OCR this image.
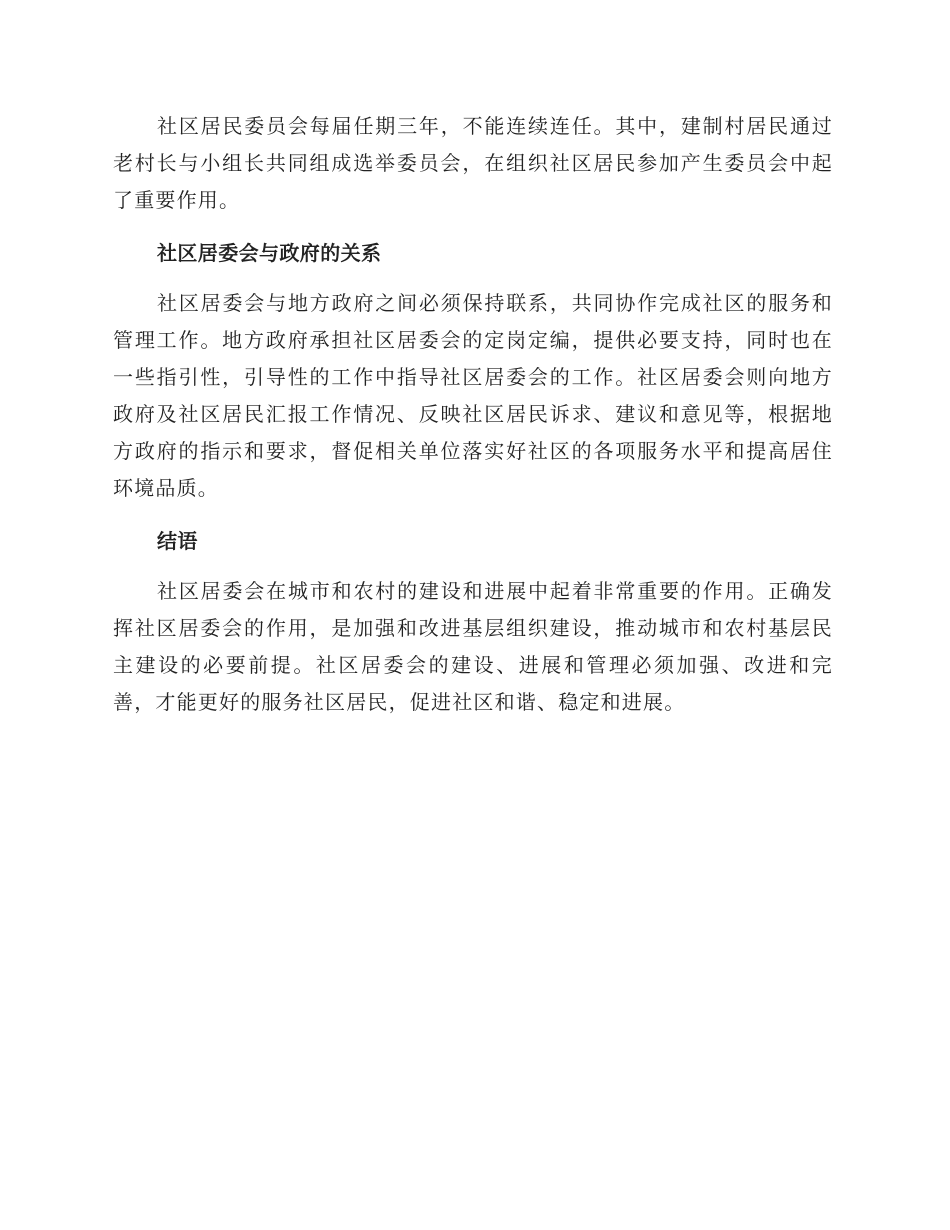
社区居民委员会每届任期三年，不能连续连任。其中，建制村居民通过老村长与小组长共同组成选举委员会，在组织社区居民参加产生委员会中起了重要作用。

社区居委会与政府的关系

社区居委会与地方政府之间必须保持联系，共同协作完成社区的服务和管理工作。地方政府承担社区居委会的定岗定编，提供必要支持，同时也在一些指引性，引导性的工作中指导社区居委会的工作。社区居委会则向地方政府及社区居民汇报工作情况、反映社区居民诉求、建议和意见等，根据地方政府的指示和要求，督促相关单位落实好社区的各项服务水平和提高居住环境品质。

结语

社区居委会在城市和农村的建设和进展中起着非常重要的作用。正确发挥社区居委会的作用，是加强和改进基层组织建设，推动城市和农村基层民主建设的必要前提。社区居委会的建设、进展和管理必须加强、改进和完善，才能更好的服务社区居民，促进社区和谐、稳定和进展。
